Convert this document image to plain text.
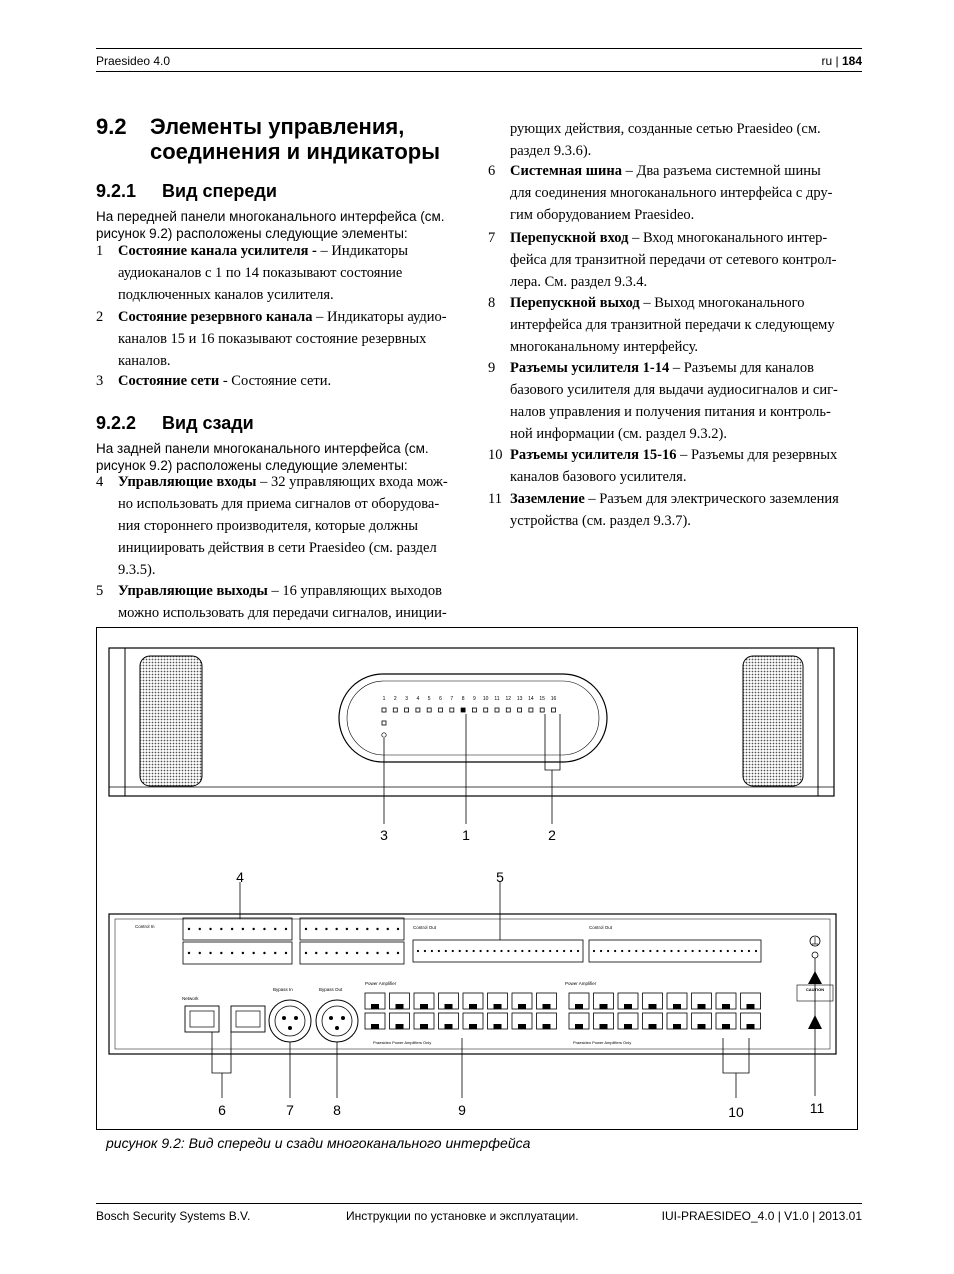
Praesideo 4.0	ru | 184
9.2 Элементы управления,
соединения и индикаторы
9.2.1 Вид спереди
На передней панели многоканального интерфейса (см.
рисунок 9.2) расположены следующие элементы:
1 Состояние канала усилителя - – Индикаторы
аудиоканалов с 1 по 14 показывают состояние
подключенных каналов усилителя.
2 Состояние резервного канала – Индикаторы аудио-
каналов 15 и 16 показывают состояние резервных
каналов.
3 Состояние сети - Состояние сети.
9.2.2 Вид сзади
На задней панели многоканального интерфейса (см.
рисунок 9.2) расположены следующие элементы:
4 Управляющие входы – 32 управляющих входа мож-
но использовать для приема сигналов от оборудова-
ния стороннего производителя, которые должны
инициировать действия в сети Praesideo (см. раздел
9.3.5).
5 Управляющие выходы – 16 управляющих выходов
можно использовать для передачи сигналов, иниции-
рующих действия, созданные сетью Praesideo (см.
раздел 9.3.6).
6 Системная шина – Два разъема системной шины
для соединения многоканального интерфейса с дру-
гим оборудованием Praesideo.
7 Перепускной вход – Вход многоканального интер-
фейса для транзитной передачи от сетевого контрол-
лера. См. раздел 9.3.4.
8 Перепускной выход – Выход многоканального
интерфейса для транзитной передачи к следующему
многоканальному интерфейсу.
9 Разъемы усилителя 1-14 – Разъемы для каналов
базового усилителя для выдачи аудиосигналов и сиг-
налов управления и получения питания и контроль-
ной информации (см. раздел 9.3.2).
10 Разъемы усилителя 15-16 – Разъемы для резервных
каналов базового усилителя.
11 Заземление – Разъем для электрического заземления
устройства (см. раздел 9.3.7).
1 2 3 4 5 6 7 8 9 10 11 12 13 14 15 16
3	1	2
Control In	Control Out	Control Out
CAUTION
Network
Bypass In	Bypass Out
Power Amplifier	Power Amplifier
Praesideo Power Amplifiers Only	Praesideo Power Amplifiers Only
4	5
6	7	8	9	10	11
рисунок 9.2: Вид спереди и сзади многоканального интерфейса
Bosch Security Systems B.V.	Инструкции по установке и эксплуатации.	IUI-PRAESIDEO_4.0 | V1.0 | 2013.01
